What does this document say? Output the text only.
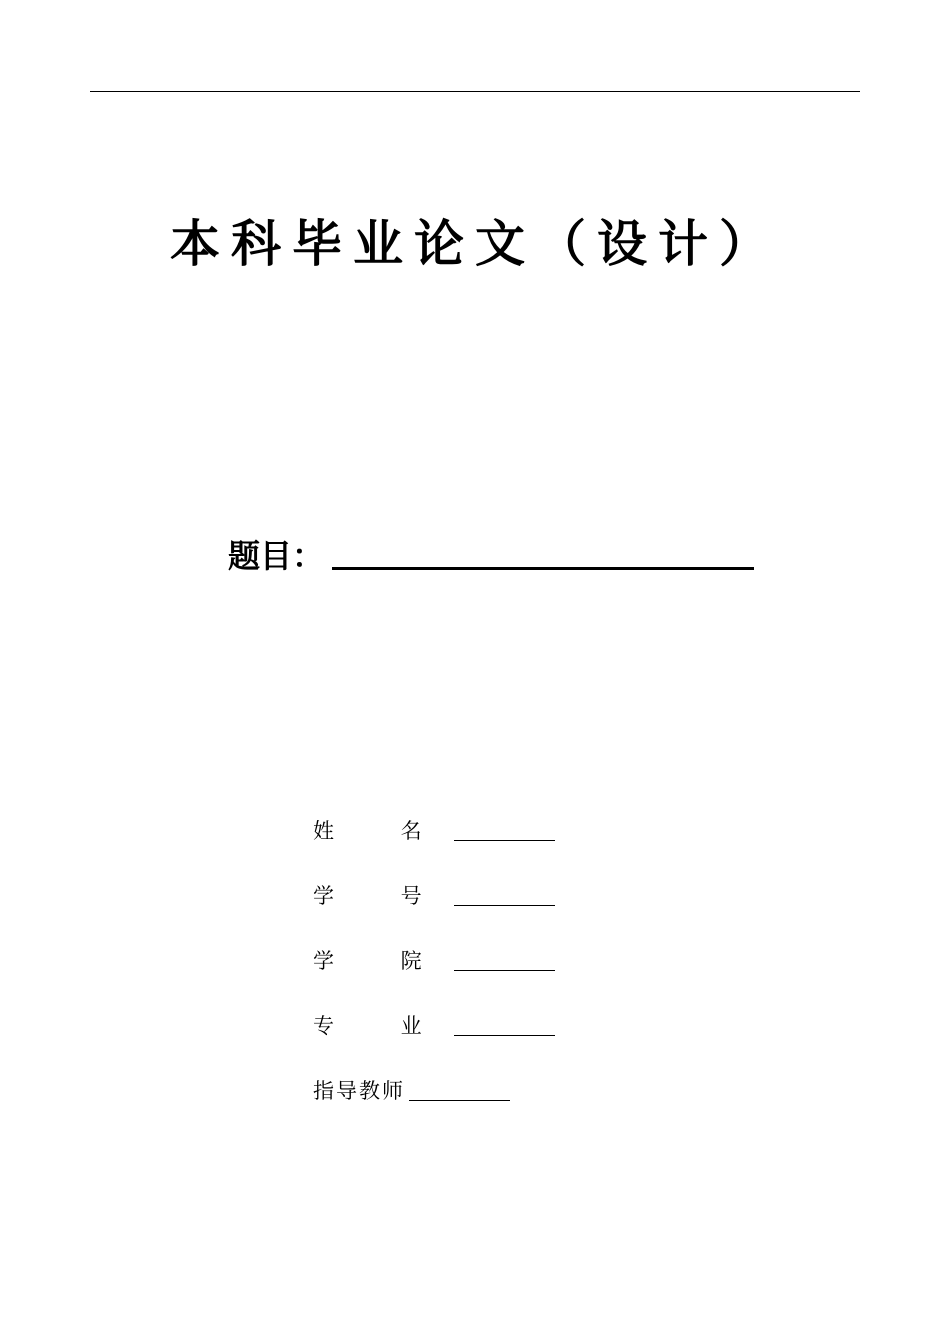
本科毕业论文（设计）
题目：
姓 名
学 号
学 院
专 业
指导教师
